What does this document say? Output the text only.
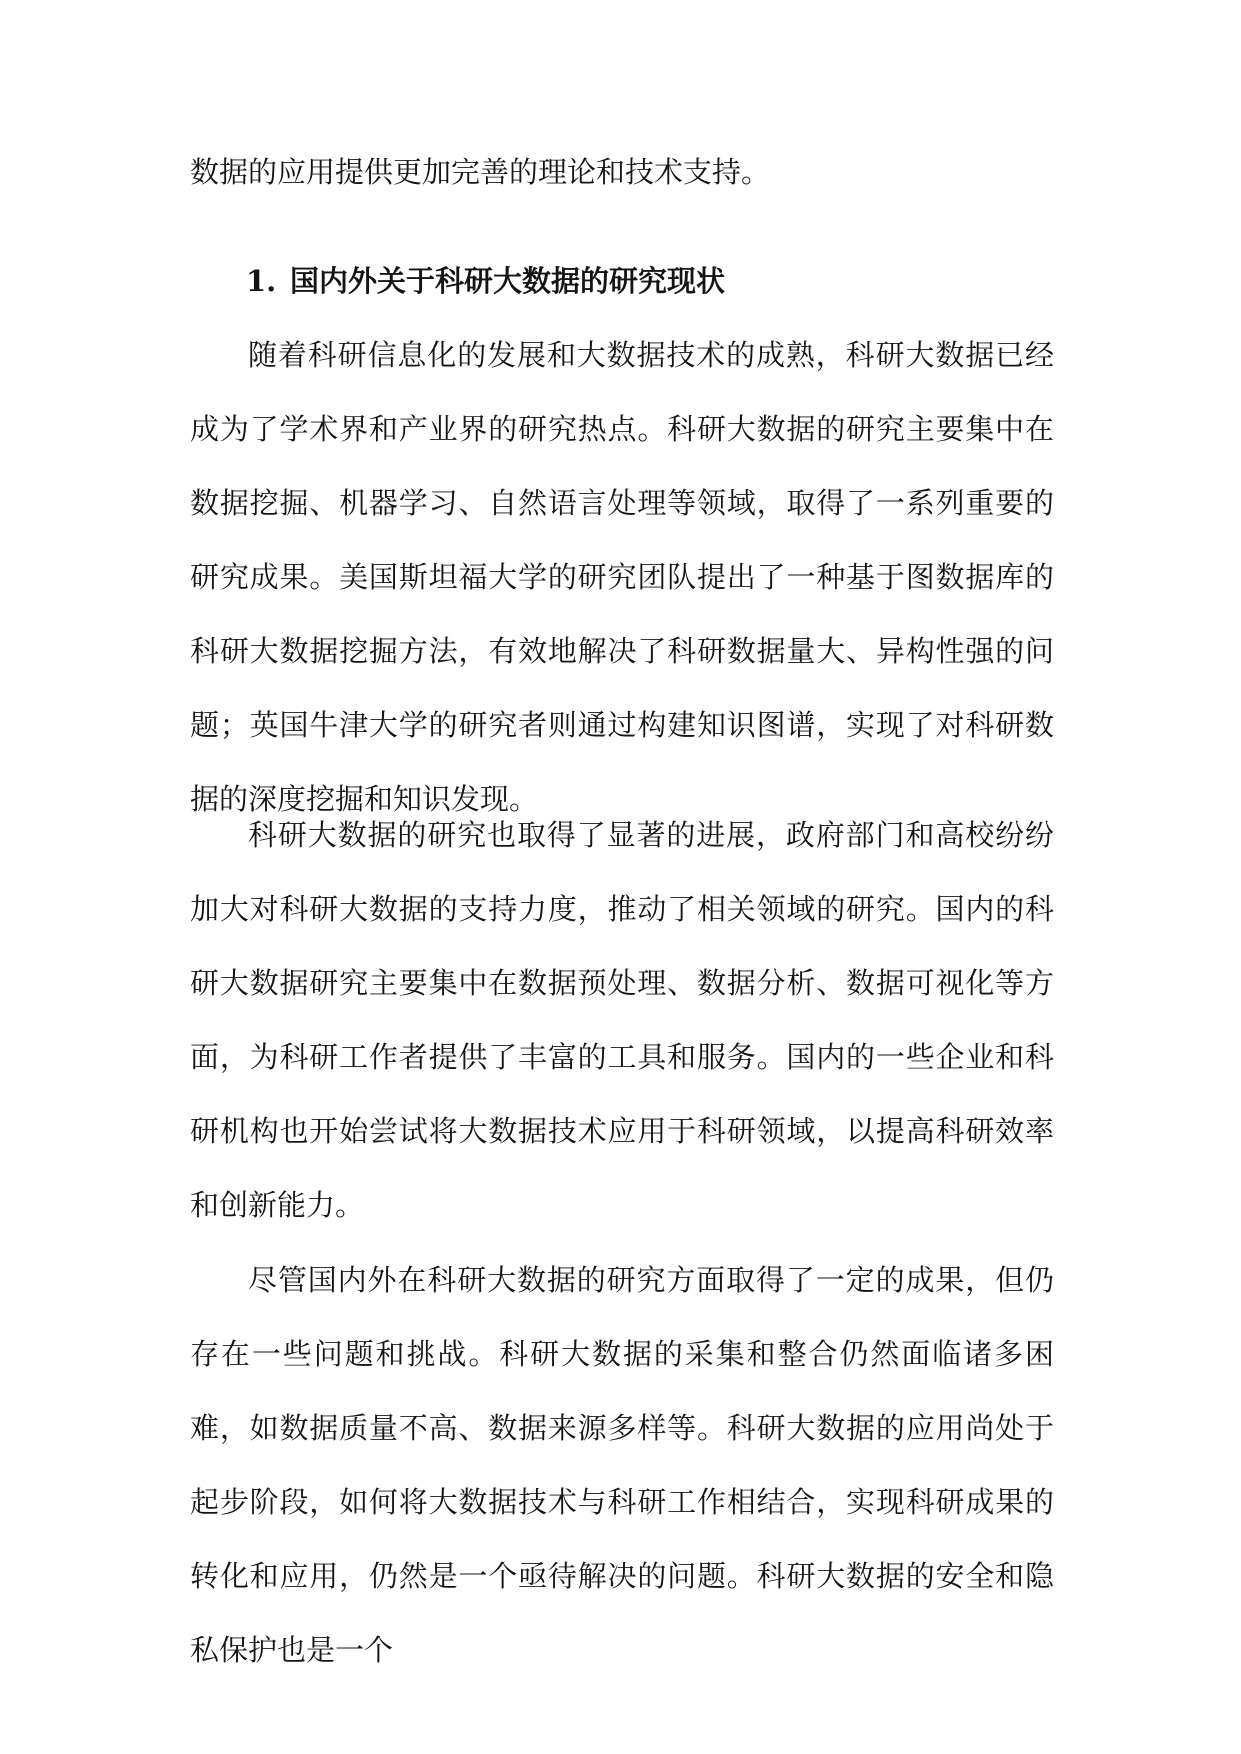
数据的应用提供更加完善的理论和技术支持。

1. 国内外关于科研大数据的研究现状

随着科研信息化的发展和大数据技术的成熟，科研大数据已经成为了学术界和产业界的研究热点。科研大数据的研究主要集中在数据挖掘、机器学习、自然语言处理等领域，取得了一系列重要的研究成果。美国斯坦福大学的研究团队提出了一种基于图数据库的科研大数据挖掘方法，有效地解决了科研数据量大、异构性强的问题；英国牛津大学的研究者则通过构建知识图谱，实现了对科研数据的深度挖掘和知识发现。

科研大数据的研究也取得了显著的进展，政府部门和高校纷纷加大对科研大数据的支持力度，推动了相关领域的研究。国内的科研大数据研究主要集中在数据预处理、数据分析、数据可视化等方面，为科研工作者提供了丰富的工具和服务。国内的一些企业和科研机构也开始尝试将大数据技术应用于科研领域，以提高科研效率和创新能力。

尽管国内外在科研大数据的研究方面取得了一定的成果，但仍存在一些问题和挑战。科研大数据的采集和整合仍然面临诸多困难，如数据质量不高、数据来源多样等。科研大数据的应用尚处于起步阶段，如何将大数据技术与科研工作相结合，实现科研成果的转化和应用，仍然是一个亟待解决的问题。科研大数据的安全和隐私保护也是一个
